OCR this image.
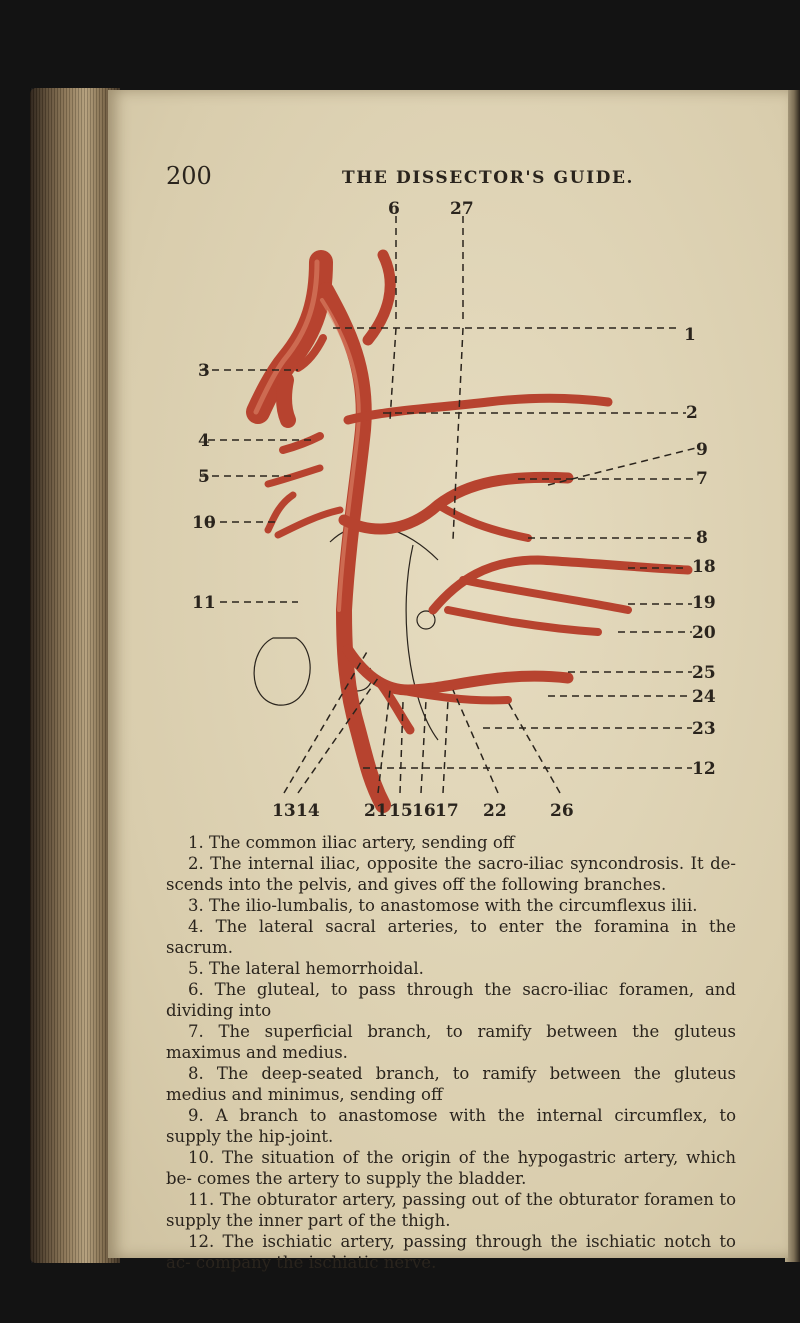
200	THE DISSECTOR'S GUIDE.
6	27
1
3
2
4	9
5	7
10
8
18
11	19
20
25
24
23
12
13 14	21 15 16 17 22	26

1. The common iliac artery, sending off

2. The internal iliac, opposite the sacro-iliac syncondrosis. It de- scends into the pelvis, and gives off the following branches.

3. The ilio-lumbalis, to anastomose with the circumflexus ilii.

4. The lateral sacral arteries, to enter the foramina in the sacrum.

5. The lateral hemorrhoidal.

6. The gluteal, to pass through the sacro-iliac foramen, and dividing into

7. The superficial branch, to ramify between the gluteus maximus and medius.

8. The deep-seated branch, to ramify between the gluteus medius and minimus, sending off

9. A branch to anastomose with the internal circumflex, to supply the hip-joint.

10. The situation of the origin of the hypogastric artery, which be- comes the artery to supply the bladder.

11. The obturator artery, passing out of the obturator foramen to supply the inner part of the thigh.

12. The ischiatic artery, passing through the ischiatic notch to ac- company the ischiatic nerve.
